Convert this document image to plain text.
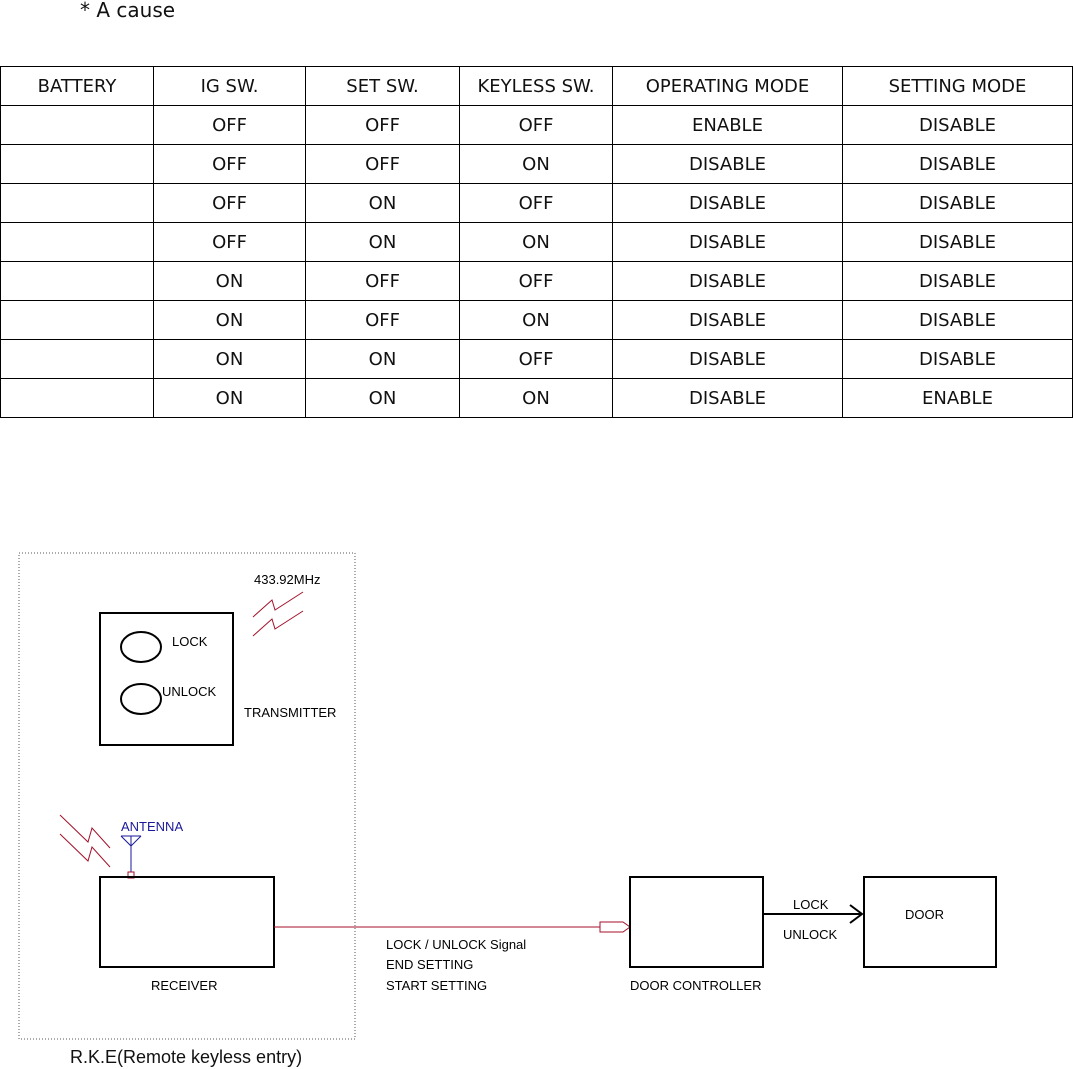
* A cause
BATTERY	IG SW.	SET SW.	KEYLESS SW.	OPERATING MODE	SETTING MODE
	OFF	OFF	OFF	ENABLE	DISABLE
	OFF	OFF	ON	DISABLE	DISABLE
	OFF	ON	OFF	DISABLE	DISABLE
	OFF	ON	ON	DISABLE	DISABLE
	ON	OFF	OFF	DISABLE	DISABLE
	ON	OFF	ON	DISABLE	DISABLE
	ON	ON	OFF	DISABLE	DISABLE
	ON	ON	ON	DISABLE	ENABLE
433.92MHz
LOCK
UNLOCK
TRANSMITTER
ANTENNA
RECEIVER
LOCK / UNLOCK Signal
END SETTING
START SETTING	DOOR CONTROLLER
LOCK
UNLOCK
DOOR
R.K.E(Remote keyless entry)
